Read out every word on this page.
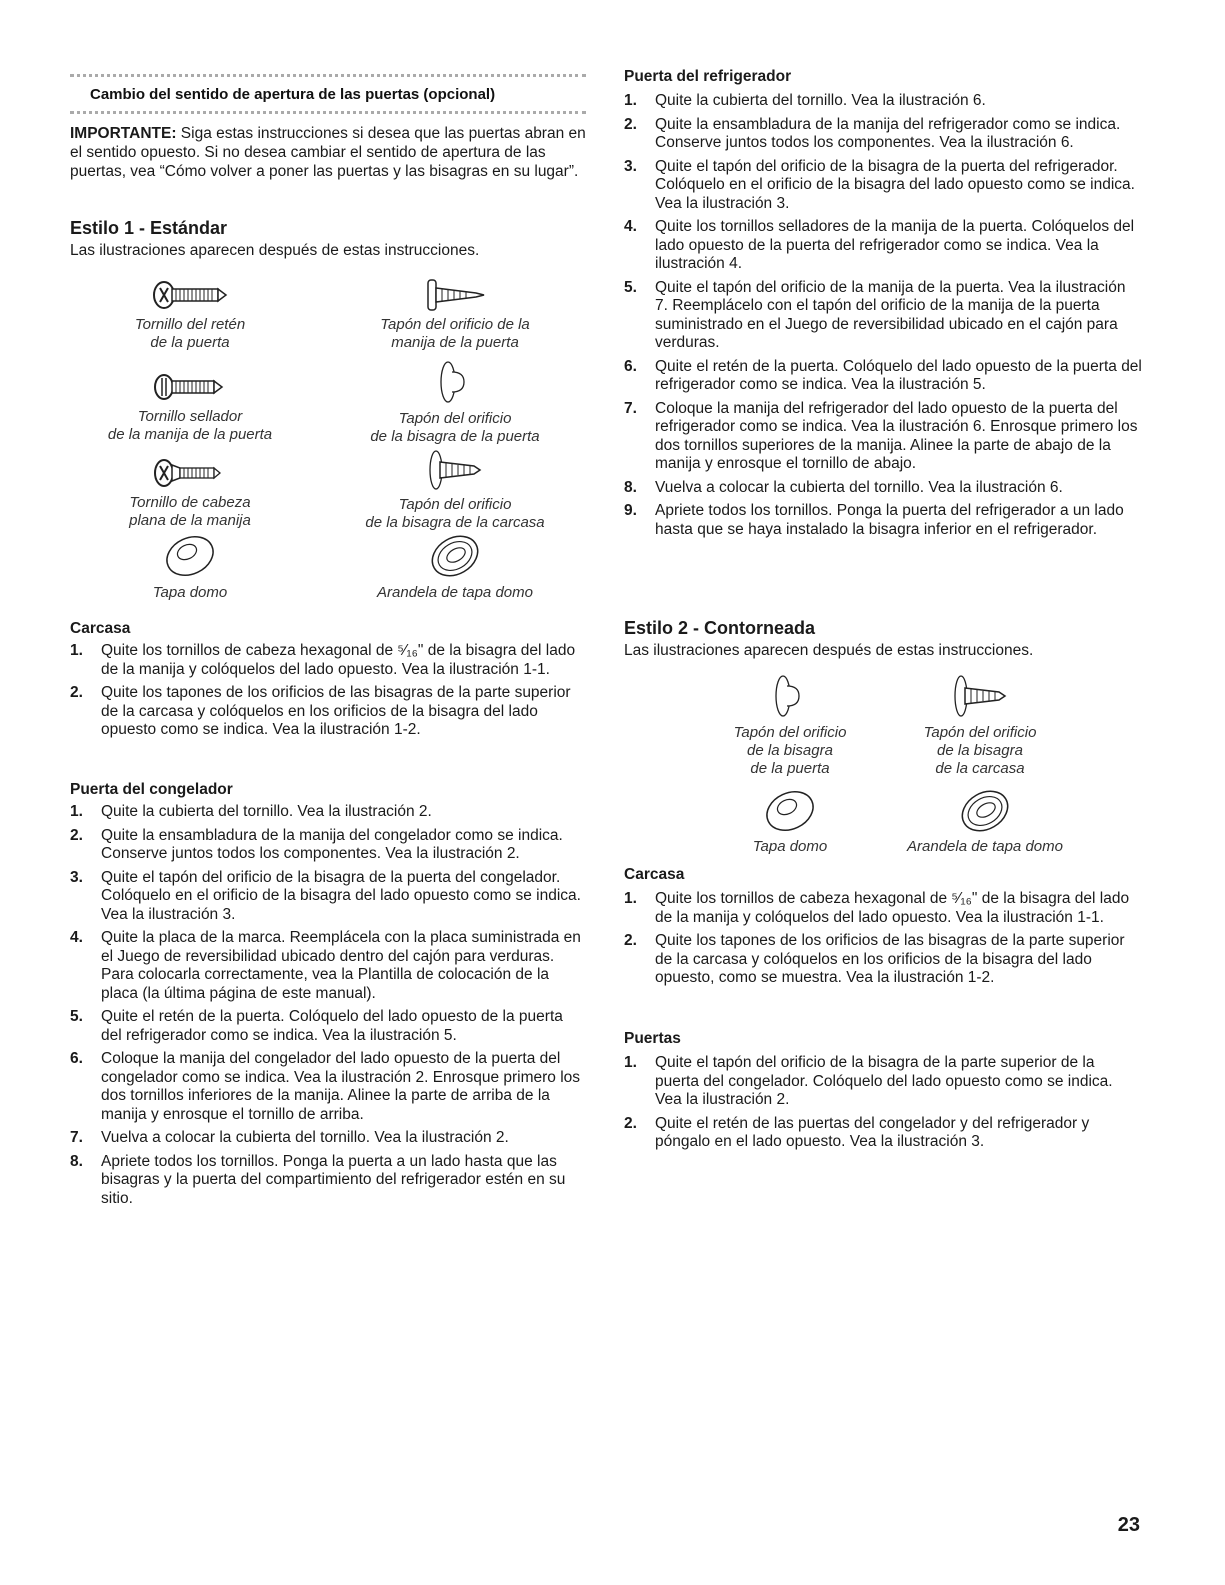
Cambio del sentido de apertura de las puertas (opcional)
IMPORTANTE: Siga estas instrucciones si desea que las puertas abran en el sentido opuesto. Si no desea cambiar el sentido de apertura de las puertas, vea “Cómo volver a poner las puertas y las bisagras en su lugar”.
Estilo 1 - Estándar
Las ilustraciones aparecen después de estas instrucciones.
Tornillo del retén
de la puerta
Tapón del orificio de la
manija de la puerta
Tornillo sellador
de la manija de la puerta
Tapón del orificio
de la bisagra de la puerta
Tornillo de cabeza
plana de la manija
Tapón del orificio
de la bisagra de la carcasa
Tapa domo	Arandela de tapa domo
Carcasa
1. Quite los tornillos de cabeza hexagonal de ⁵⁄₁₆" de la bisagra del lado de la manija y colóquelos del lado opuesto. Vea la ilustración 1-1.
2. Quite los tapones de los orificios de las bisagras de la parte superior de la carcasa y colóquelos en los orificios de la bisagra del lado opuesto como se indica. Vea la ilustración 1-2.
Puerta del congelador
1. Quite la cubierta del tornillo. Vea la ilustración 2.
2. Quite la ensambladura de la manija del congelador como se indica. Conserve juntos todos los componentes. Vea la ilustración 2.
3. Quite el tapón del orificio de la bisagra de la puerta del congelador. Colóquelo en el orificio de la bisagra del lado opuesto como se indica. Vea la ilustración 3.
4. Quite la placa de la marca. Reemplácela con la placa suministrada en el Juego de reversibilidad ubicado dentro del cajón para verduras. Para colocarla correctamente, vea la Plantilla de colocación de la placa (la última página de este manual).
5. Quite el retén de la puerta. Colóquelo del lado opuesto de la puerta del refrigerador como se indica. Vea la ilustración 5.
6. Coloque la manija del congelador del lado opuesto de la puerta del congelador como se indica. Vea la ilustración 2. Enrosque primero los dos tornillos inferiores de la manija. Alinee la parte de arriba de la manija y enrosque el tornillo de arriba.
7. Vuelva a colocar la cubierta del tornillo. Vea la ilustración 2.
8. Apriete todos los tornillos. Ponga la puerta a un lado hasta que las bisagras y la puerta del compartimiento del refrigerador estén en su sitio.
Puerta del refrigerador
1. Quite la cubierta del tornillo. Vea la ilustración 6.
2. Quite la ensambladura de la manija del refrigerador como se indica. Conserve juntos todos los componentes. Vea la ilustración 6.
3. Quite el tapón del orificio de la bisagra de la puerta del refrigerador. Colóquelo en el orificio de la bisagra del lado opuesto como se indica. Vea la ilustración 3.
4. Quite los tornillos selladores de la manija de la puerta. Colóquelos del lado opuesto de la puerta del refrigerador como se indica. Vea la ilustración 4.
5. Quite el tapón del orificio de la manija de la puerta. Vea la ilustración 7. Reemplácelo con el tapón del orificio de la manija de la puerta suministrado en el Juego de reversibilidad ubicado en el cajón para verduras.
6. Quite el retén de la puerta. Colóquelo del lado opuesto de la puerta del refrigerador como se indica. Vea la ilustración 5.
7. Coloque la manija del refrigerador del lado opuesto de la puerta del refrigerador como se indica. Vea la ilustración 6. Enrosque primero los dos tornillos superiores de la manija. Alinee la parte de abajo de la manija y enrosque el tornillo de abajo.
8. Vuelva a colocar la cubierta del tornillo. Vea la ilustración 6.
9. Apriete todos los tornillos. Ponga la puerta del refrigerador a un lado hasta que se haya instalado la bisagra inferior en el refrigerador.
Estilo 2 - Contorneada
Las ilustraciones aparecen después de estas instrucciones.
Tapón del orificio
de la bisagra
de la puerta
Tapón del orificio
de la bisagra
de la carcasa
Tapa domo	Arandela de tapa domo
Carcasa
1. Quite los tornillos de cabeza hexagonal de ⁵⁄₁₆" de la bisagra del lado de la manija y colóquelos del lado opuesto. Vea la ilustración 1-1.
2. Quite los tapones de los orificios de las bisagras de la parte superior de la carcasa y colóquelos en los orificios de la bisagra del lado opuesto, como se muestra. Vea la ilustración 1-2.
Puertas
1. Quite el tapón del orificio de la bisagra de la parte superior de la puerta del congelador. Colóquelo del lado opuesto como se indica. Vea la ilustración 2.
2. Quite el retén de las puertas del congelador y del refrigerador y póngalo en el lado opuesto. Vea la ilustración 3.
23
